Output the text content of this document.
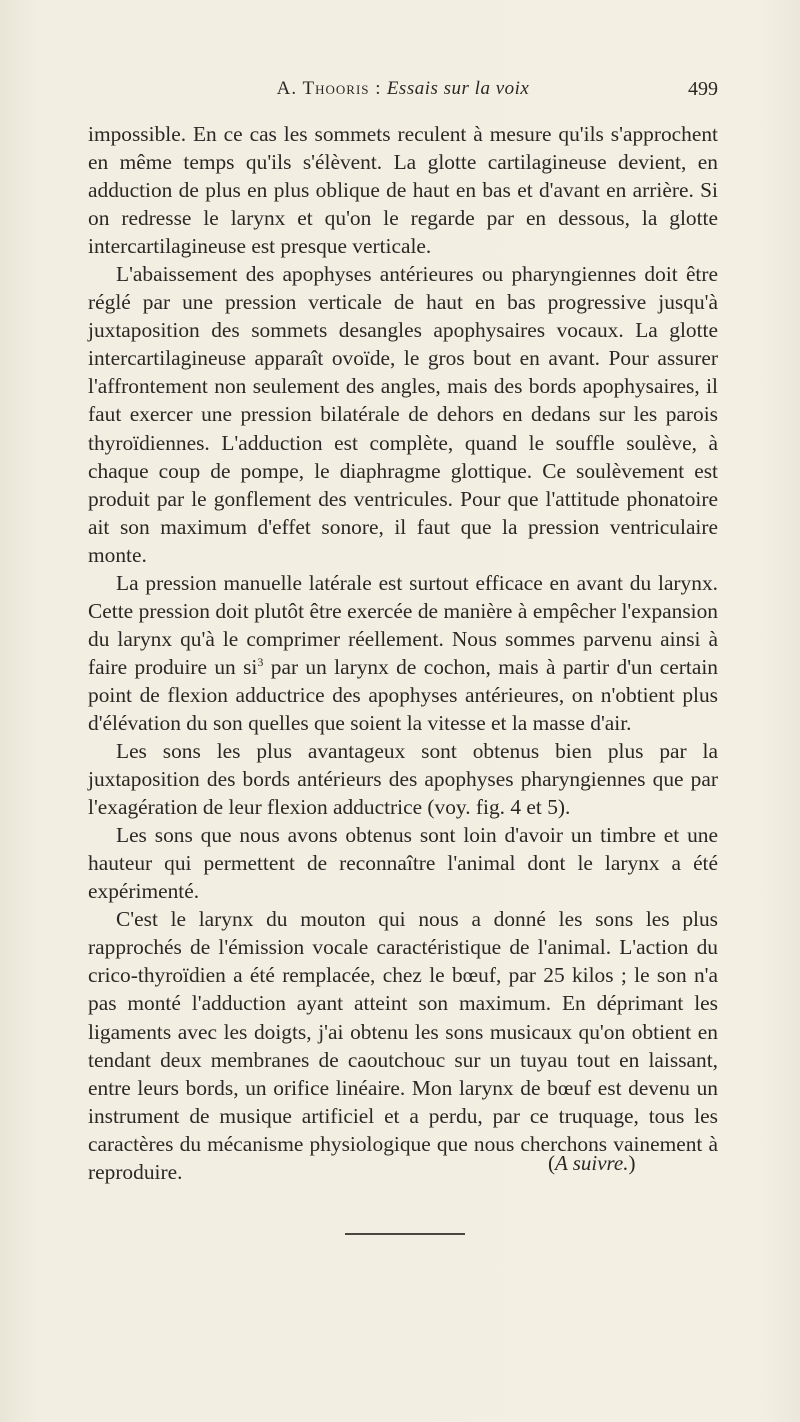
A. Thooris : Essais sur la voix	499

impossible. En ce cas les sommets reculent à mesure qu'ils s'approchent en même temps qu'ils s'élèvent. La glotte cartilagineuse devient, en adduction de plus en plus oblique de haut en bas et d'avant en arrière. Si on redresse le larynx et qu'on le regarde par en dessous, la glotte intercartilagineuse est presque verticale.

L'abaissement des apophyses antérieures ou pharyngiennes doit être réglé par une pression verticale de haut en bas progressive jusqu'à juxtaposition des sommets desangles apophysaires vocaux. La glotte intercartilagineuse apparaît ovoïde, le gros bout en avant. Pour assurer l'affrontement non seulement des angles, mais des bords apophysaires, il faut exercer une pression bilatérale de dehors en dedans sur les parois thyroïdiennes. L'adduction est complète, quand le souffle soulève, à chaque coup de pompe, le diaphragme glottique. Ce soulèvement est produit par le gonflement des ventricules. Pour que l'attitude phonatoire ait son maximum d'effet sonore, il faut que la pression ventriculaire monte.

La pression manuelle latérale est surtout efficace en avant du larynx. Cette pression doit plutôt être exercée de manière à empêcher l'expansion du larynx qu'à le comprimer réellement. Nous sommes parvenu ainsi à faire produire un $si^3$ par un larynx de cochon, mais à partir d'un certain point de flexion adductrice des apophyses antérieures, on n'obtient plus d'élévation du son quelles que soient la vitesse et la masse d'air.

Les sons les plus avantageux sont obtenus bien plus par la juxtaposition des bords antérieurs des apophyses pharyngiennes que par l'exagération de leur flexion adductrice (voy. fig. 4 et 5).

Les sons que nous avons obtenus sont loin d'avoir un timbre et une hauteur qui permettent de reconnaître l'animal dont le larynx a été expérimenté.

C'est le larynx du mouton qui nous a donné les sons les plus rapprochés de l'émission vocale caractéristique de l'animal. L'action du crico-thyroïdien a été remplacée, chez le bœuf, par 25 kilos ; le son n'a pas monté l'adduction ayant atteint son maximum. En déprimant les ligaments avec les doigts, j'ai obtenu les sons musicaux qu'on obtient en tendant deux membranes de caoutchouc sur un tuyau tout en laissant, entre leurs bords, un orifice linéaire. Mon larynx de bœuf est devenu un instrument de musique artificiel et a perdu, par ce truquage, tous les caractères du mécanisme physiologique que nous cherchons vainement à reproduire.	(A suivre.)
